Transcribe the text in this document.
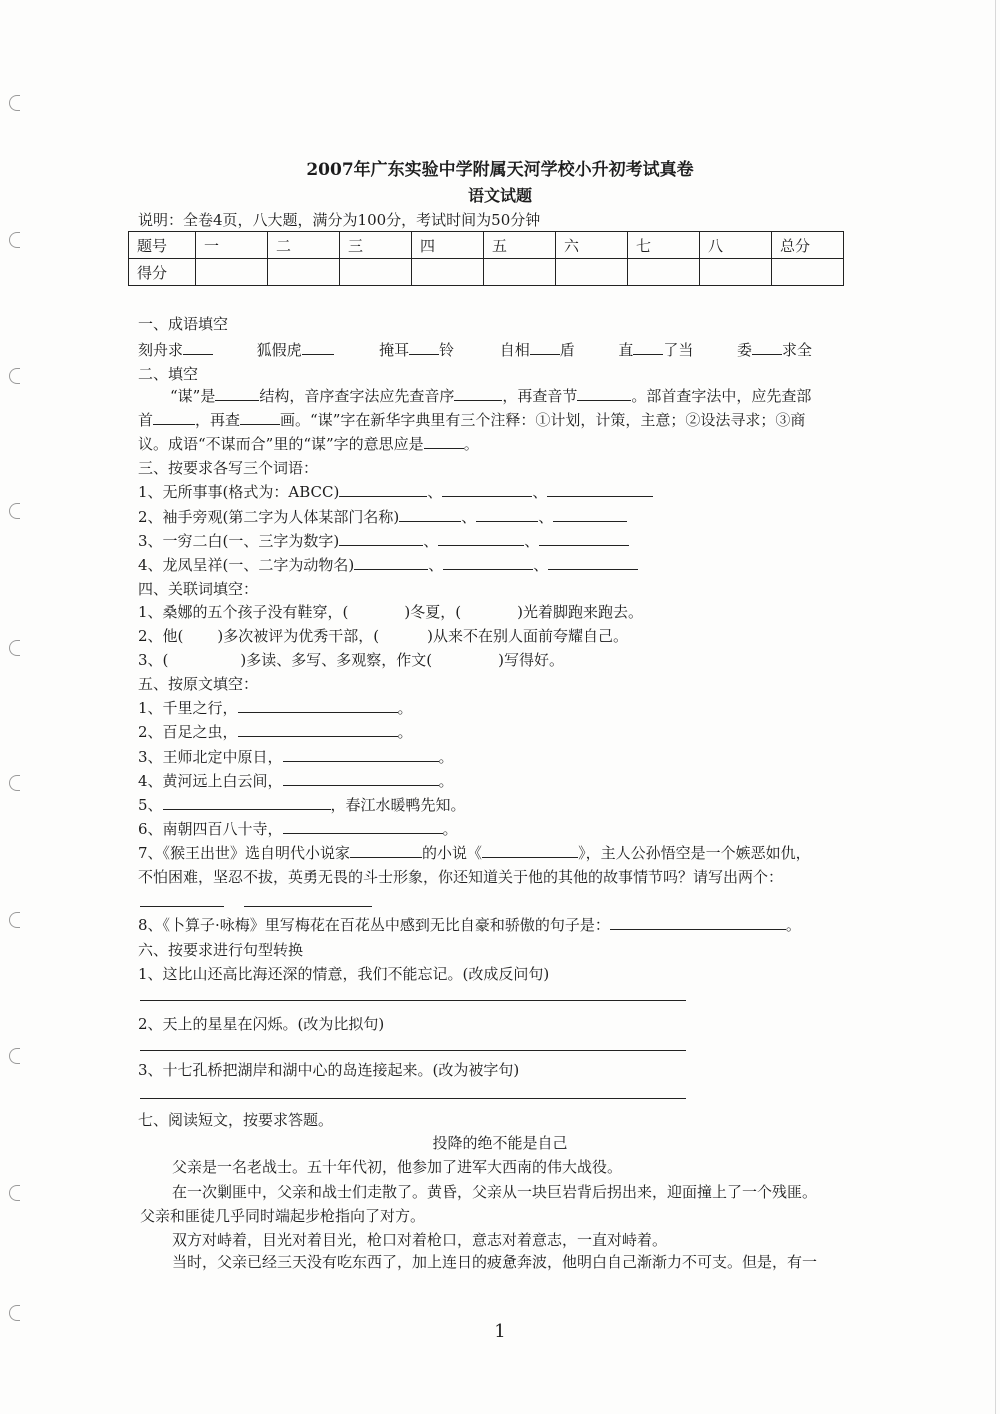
2007年广东实验中学附属天河学校小升初考试真卷
语文试题
说明：全卷4页，八大题，满分为100分，考试时间为50分钟
题号	一	二	三	四	五	六	七	八	总分
得分									
一、成语填空
刻舟求	狐假虎	掩耳 铃	自相 盾	直 了当	委 求全
二、填空
“谋”是	结构，音序查字法应先查音序	，再查音节	。部首查字法中，应先查部
首	，再查	画。“谋”字在新华字典里有三个注释：①计划，计策，主意；②设法寻求；③商
议。成语“不谋而合”里的“谋”字的意思应是	。
三、按要求各写三个词语：
1、无所事事(格式为：ABCC)	、	、
2、袖手旁观(第二字为人体某部门名称)	、	、
3、一穷二白(一、三字为数字)	、	、
4、龙凤呈祥(一、二字为动物名)	、	、
四、关联词填空：
1、桑娜的五个孩子没有鞋穿，(	)冬夏，(	)光着脚跑来跑去。
2、他( )多次被评为优秀干部，(	)从来不在别人面前夸耀自己。
3、(	)多读、多写、多观察，作文(	)写得好。
五、按原文填空：
1、千里之行，	。
2、百足之虫，	。
3、王师北定中原日，	。
4、黄河远上白云间，	。
5、	，春江水暖鸭先知。
6、南朝四百八十寺，	。
7、《猴王出世》选自明代小说家	的小说《	》，主人公孙悟空是一个嫉恶如仇，
不怕困难，坚忍不拔，英勇无畏的斗士形象，你还知道关于他的其他的故事情节吗？请写出两个：
8、《卜算子·咏梅》里写梅花在百花丛中感到无比自豪和骄傲的句子是：	。
六、按要求进行句型转换
1、这比山还高比海还深的情意，我们不能忘记。(改成反问句)
2、天上的星星在闪烁。(改为比拟句)
3、十七孔桥把湖岸和湖中心的岛连接起来。(改为被字句)
七、阅读短文，按要求答题。
投降的绝不能是自己
父亲是一名老战士。五十年代初，他参加了进军大西南的伟大战役。
在一次剿匪中，父亲和战士们走散了。黄昏，父亲从一块巨岩背后拐出来，迎面撞上了一个残匪。
父亲和匪徒几乎同时端起步枪指向了对方。
双方对峙着，目光对着目光，枪口对着枪口，意志对着意志，一直对峙着。
当时，父亲已经三天没有吃东西了，加上连日的疲惫奔波，他明白自己渐渐力不可支。但是，有一
1
